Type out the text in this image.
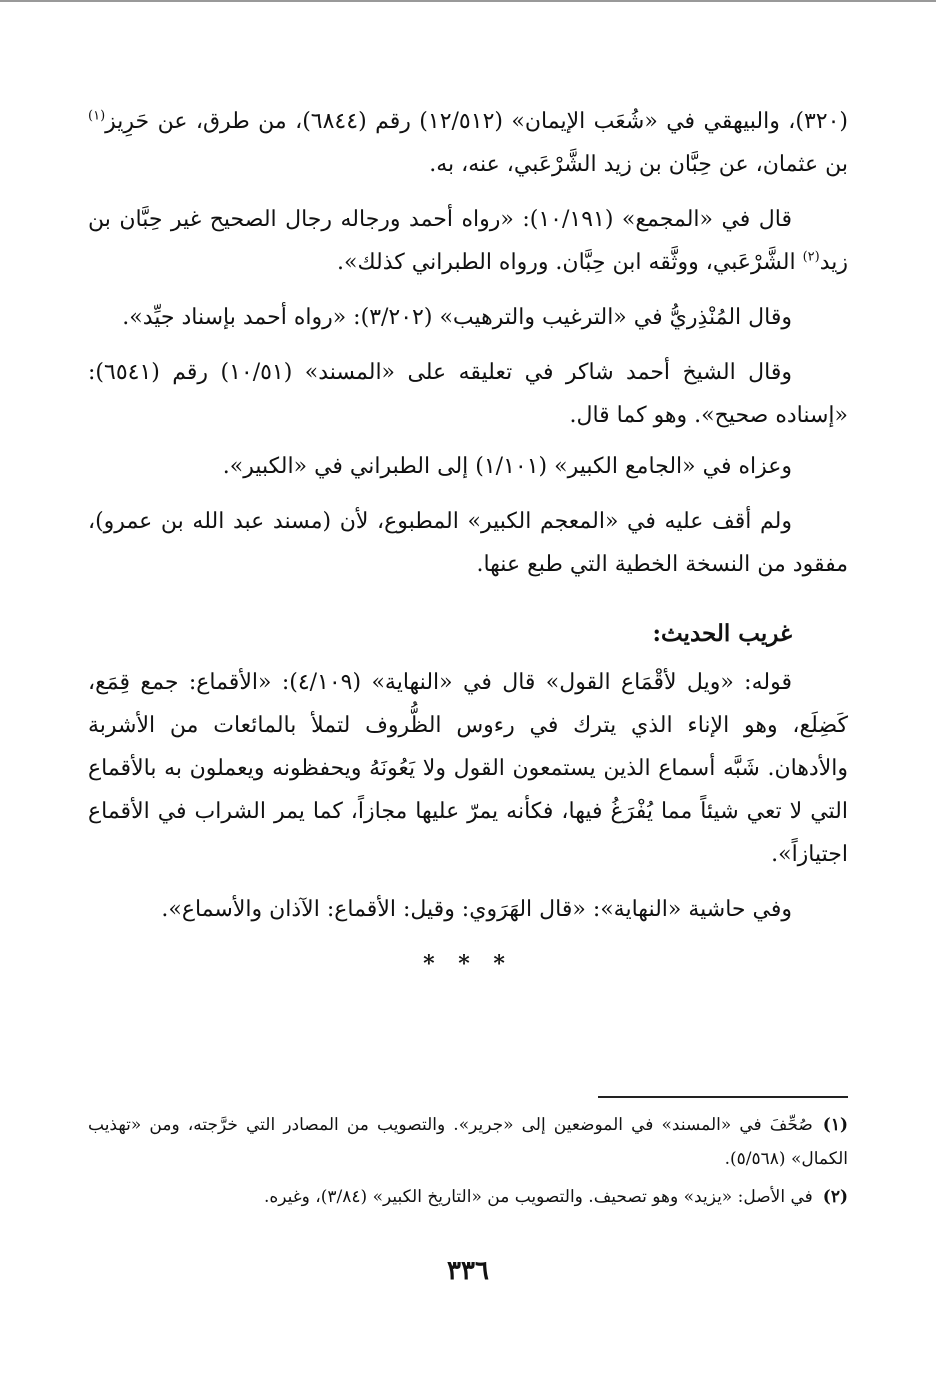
(٣٢٠)، والبيهقي في «شُعَب الإيمان» (١٢/٥١٢) رقم (٦٨٤٤)، من طرق، عن حَرِيز$^{(١)}$ بن عثمان، عن حِبَّان بن زيد الشَّرْعَبي، عنه، به.

قال في «المجمع» (١٠/١٩١): «رواه أحمد ورجاله رجال الصحيح غير حِبَّان بن زيد$^{(٢)}$ الشَّرْعَبي، ووثَّقه ابن حِبَّان. ورواه الطبراني كذلك».

وقال المُنْذِريُّ في «الترغيب والترهيب» (٣/٢٠٢): «رواه أحمد بإسناد جيِّد».

وقال الشيخ أحمد شاكر في تعليقه على «المسند» (١٠/٥١) رقم (٦٥٤١): «إسناده صحيح». وهو كما قال.

وعزاه في «الجامع الكبير» (١/١٠١) إلى الطبراني في «الكبير».

ولم أقف عليه في «المعجم الكبير» المطبوع، لأن (مسند عبد الله بن عمرو)، مفقود من النسخة الخطية التي طبع عنها.

غريب الحديث:

قوله: «ويل لأقْمَاع القول» قال في «النهاية» (٤/١٠٩): «الأقماع: جمع قِمَع، كَضِلَع، وهو الإناء الذي يترك في رءوس الظُّروف لتملأ بالمائعات من الأشربة والأدهان. شَبَّه أسماع الذين يستمعون القول ولا يَعُونَهُ ويحفظونه ويعملون به بالأقماع التي لا تعي شيئاً مما يُفْرَغُ فيها، فكأنه يمرّ عليها مجازاً، كما يمر الشراب في الأقماع اجتيازاً».

وفي حاشية «النهاية»: «قال الهَرَوي: وقيل: الأقماع: الآذان والأسماع».

* * *

(١)صُحِّفَ في «المسند» في الموضعين إلى «جرير». والتصويب من المصادر التي خرَّجته، ومن «تهذيب الكمال» (٥/٥٦٨).

(٢)في الأصل: «يزيد» وهو تصحيف. والتصويب من «التاريخ الكبير» (٣/٨٤)، وغيره.

٣٣٦
